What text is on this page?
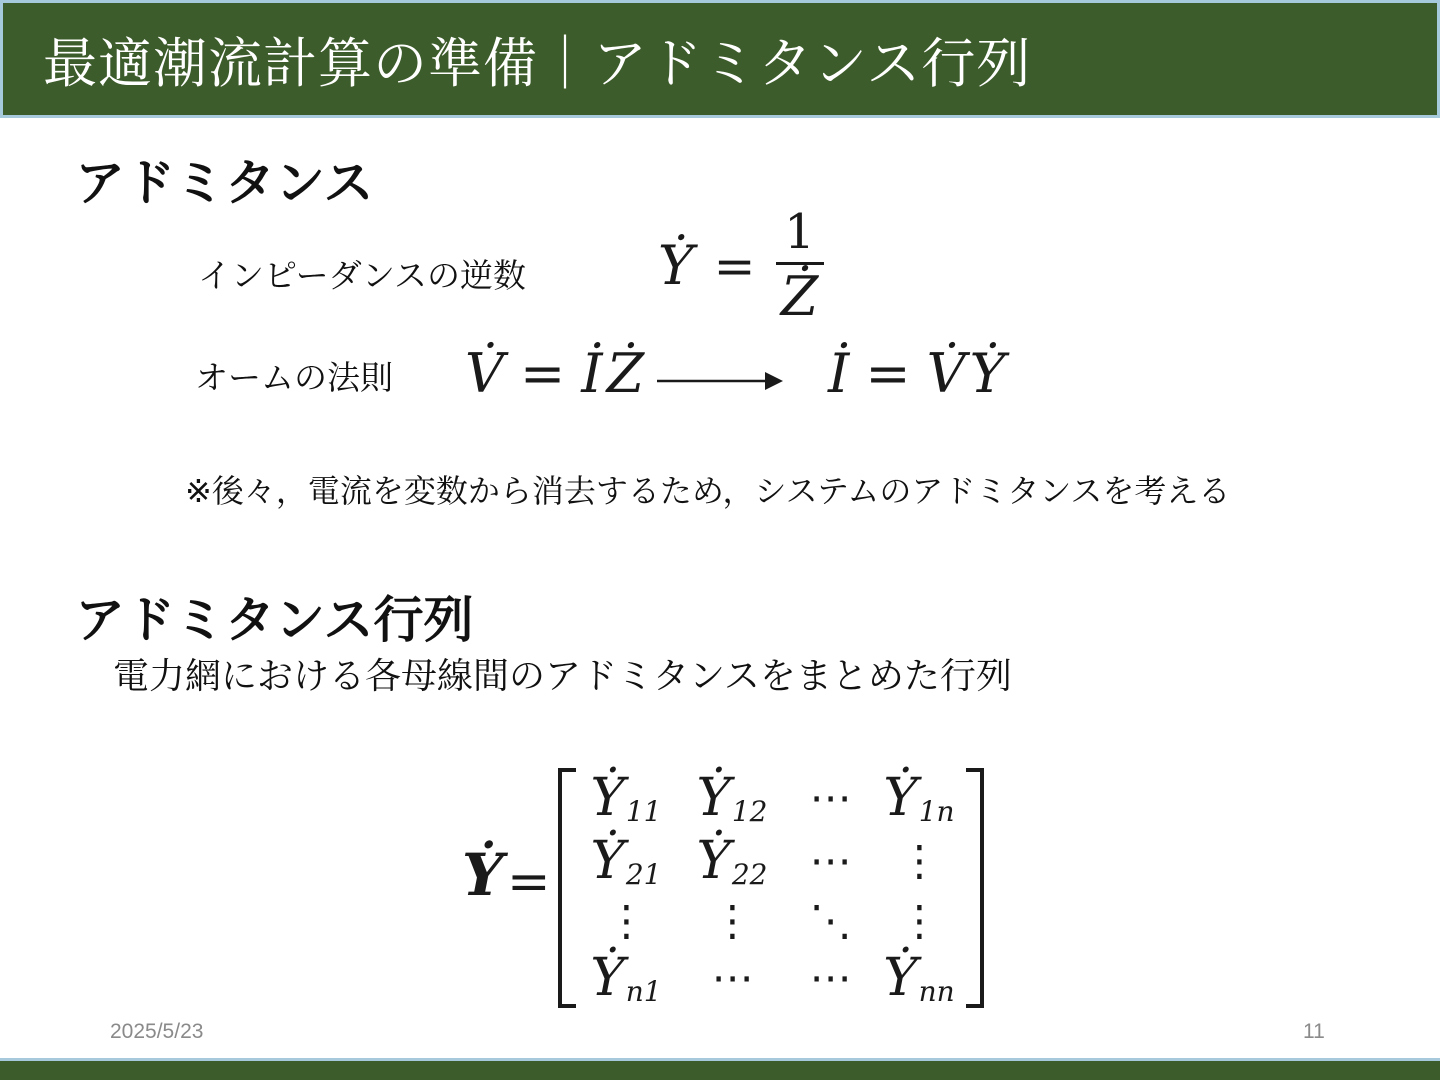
最適潮流計算の準備｜アドミタンス行列
アドミタンス
インピーダンスの逆数 Ẏ = $\frac{1}{Ż}$
オームの法則 V̇ = İ Ż	İ = V̇ Ẏ
※後々，電流を変数から消去するため，システムのアドミタンスを考える
アドミタンス行列
電力網における各母線間のアドミタンスをまとめた行列
Ẏ =
Ẏ 11 Ẏ 12 ⋯ Ẏ 1n
Ẏ 21 Ẏ 22 ⋯ ⋮
⋮ ⋮ ⋱ ⋮
Ẏ n1 ⋯ ⋯ Ẏ nn
2025/5/23	11
